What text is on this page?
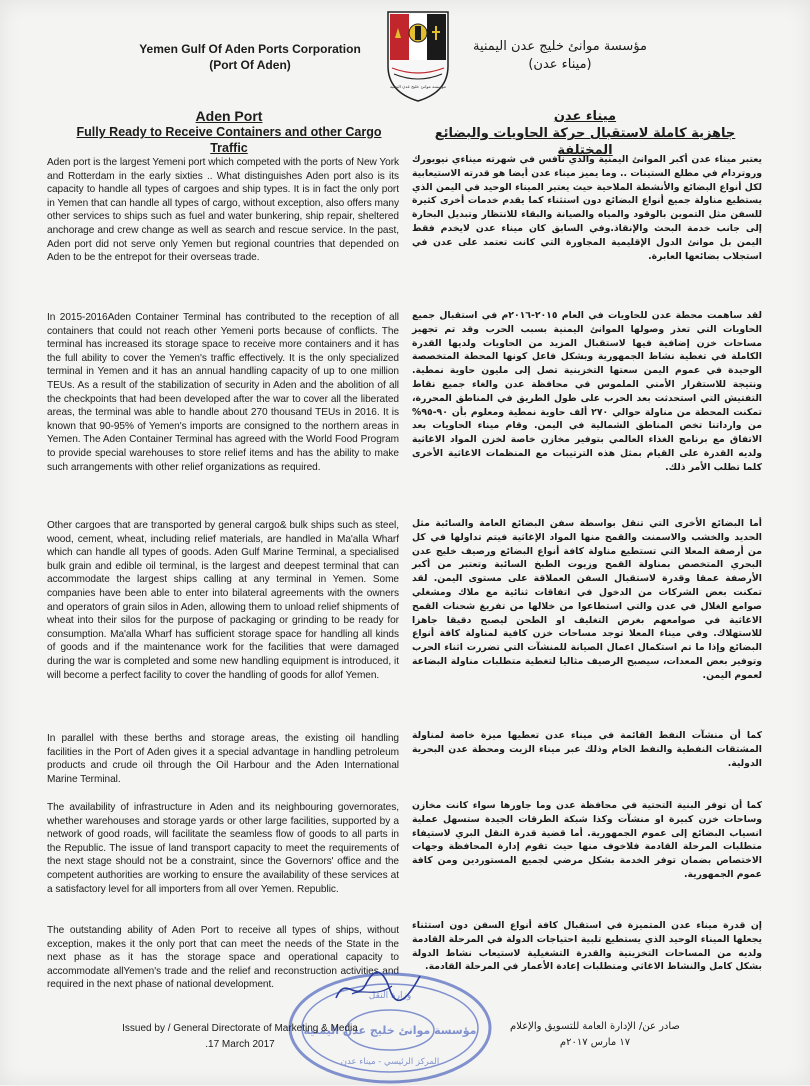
Yemen Gulf Of Aden Ports Corporation
(Port Of Aden)
مؤسسة موانئ خليج عدن اليمنية
مؤسسة موانئ خليج عدن اليمنية
(ميناء عدن)
Aden Port
Fully Ready to Receive Containers and other Cargo Traffic
ميناء عدن
جاهزية كاملة لاستقبال حركة الحاويات والبضائع المختلفة

Aden port is the largest Yemeni port which competed with the ports of New York and Rotterdam in the early sixties .. What distinguishes Aden port also is its capacity to handle all types of cargoes and ship types. It is in fact the only port in Yemen that can handle all types of cargo, without exception, also offers many other services to ships such as fuel and water bunkering, ship repair, sheltered anchorage and crew change as well as search and rescue service. In the past, Aden port did not serve only Yemen but regional countries that depended on Aden to be the entrepot for their overseas trade.

In 2015-2016Aden Container Terminal has contributed to the reception of all containers that could not reach other Yemeni ports because of conflicts. The terminal has increased its storage space to receive more containers and it has the full ability to cover the Yemen's traffic effectively. It is the only specialized terminal in Yemen and it has an annual handling capacity of up to one million TEUs. As a result of the stabilization of security in Aden and the abolition of all the checkpoints that had been developed after the war to cover all the liberated areas, the terminal was able to handle about 270 thousand TEUs in 2016. It is known that 90-95% of Yemen's imports are consigned to the northern areas in Yemen. The Aden Container Terminal has agreed with the World Food Program to provide special warehouses to store relief items and has the ability to make such arrangements with other relief organizations as required.

Other cargoes that are transported by general cargo& bulk ships such as steel, wood, cement, wheat, including relief materials, are handled in Ma'alla Wharf which can handle all types of goods. Aden Gulf Marine Terminal, a specialised bulk grain and edible oil terminal, is the largest and deepest terminal that can accommodate the largest ships calling at any terminal in Yemen. Some companies have been able to enter into bilateral agreements with the owners and operators of grain silos in Aden, allowing them to unload relief shipments of wheat into their silos for the purpose of packaging or grinding to be ready for consumption. Ma'alla Wharf has sufficient storage space for handling all kinds of goods and if the maintenance work for the facilities that were damaged during the war is completed and some new handling equipment is introduced, it will become a perfect facility to cover the handling of goods for allof Yemen.

In parallel with these berths and storage areas, the existing oil handling facilities in the Port of Aden gives it a special advantage in handling petroleum products and crude oil through the Oil Harbour and the Aden International Marine Terminal.

The availability of infrastructure in Aden and its neighbouring governorates, whether warehouses and storage yards or other large facilities, supported by a network of good roads, will facilitate the seamless flow of goods to all parts in the Republic. The issue of land transport capacity to meet the requirements of the next stage should not be a constraint, since the Governors' office and the competent authorities are working to ensure the availability of these services at a satisfactory level for all importers from all over Yemen. Republic.

The outstanding ability of Aden Port to receive all types of ships, without exception, makes it the only port that can meet the needs of the State in the next phase as it has the storage space and operational capacity to accommodate allYemen's trade and the relief and reconstruction activities and required in the next phase of national development.

يعتبر ميناء عدن أكبر الموانئ اليمنية والذي نافس في شهرته ميناءي نيويورك وروتردام في مطلع الستينات .. وما يميز ميناء عدن أيضا هو قدرته الاستيعابية لكل أنواع البضائع والأنشطة الملاحية حيث يعتبر الميناء الوحيد في اليمن الذي يستطيع مناولة جميع أنواع البضائع دون استثناء كما يقدم خدمات أخرى كثيرة للسفن مثل التموين بالوقود والمياه والصيانة والبقاء للانتظار وتبديل البحارة إلى جانب خدمة البحث والإنقاذ.وفي السابق كان ميناء عدن لايخدم فقط اليمن بل موانئ الدول الإقليمية المجاورة التي كانت تعتمد على عدن في استجلاب بضائعها العابرة.

لقد ساهمت محطة عدن للحاويات في العام ٢٠١٥-٢٠١٦م في استقبال جميع الحاويات التي تعذر وصولها الموانئ اليمنية بسبب الحرب وقد تم تجهيز مساحات خزن إضافية فيها لاستقبال المزيد من الحاويات ولديها القدرة الكاملة في تغطية نشاط الجمهورية وبشكل فاعل كونها المحطة المتخصصة الوحيدة في عموم اليمن سعتها التخزينية تصل إلى مليون حاوية نمطية. ونتيجة للاستقرار الأمني الملموس في محافظة عدن والغاء جميع نقاط التفتيش التي استحدثت بعد الحرب على طول الطريق في المناطق المحررة، تمكنت المحطة من مناولة حوالي ٢٧٠ ألف حاوية نمطية ومعلوم بأن ٩٠-٩٥% من وارداتنا تخص المناطق الشمالية في اليمن. وقام ميناء الحاويات بعد الاتفاق مع برنامج الغذاء العالمي بتوفير مخازن خاصة لخزن المواد الاغاثية ولديه القدرة على القيام بمثل هذه الترتيبات مع المنظمات الاغاثية الأخرى كلما تطلب الأمر ذلك.

أما البضائع الأخرى التي تنقل بواسطة سفن البضائع العامة والسائبة مثل الحديد والخشب والاسمنت والقمح منها المواد الإغاثية فيتم تداولها في كل من أرصفة المعلا التي تستطيع مناولة كافة أنواع البضائع ورصيف خليج عدن البحري المتخصص بمناولة القمح وزيوت الطبخ السائبة وتعتبر من أكبر الأرصفة عمقا وقدرة لاستقبال السفن العملاقة على مستوى اليمن. لقد تمكنت بعض الشركات من الدخول في اتفاقات ثنائية مع ملاك ومشغلي صوامع الغلال في عدن والتي استطاعوا من خلالها من تفريغ شحنات القمح الاغاثية في صوامعهم بغرض التغليف او الطحن ليصبح دقيقا جاهزا للاستهلاك. وفي ميناء المعلا توجد مساحات خزن كافية لمناولة كافة أنواع البضائع وإذا ما تم استكمال اعمال الصيانة للمنشآت التي تضررت اثناء الحرب وتوفير بعض المعدات، سيصبح الرصيف مثاليا لتغطية متطلبات مناولة البضاعة لعموم اليمن.

كما أن منشآت النفط القائمة في ميناء عدن تعطيها ميزة خاصة لمناولة المشتقات النفطية والنفط الخام وذلك عبر ميناء الزيت ومحطة عدن البحرية الدولية.

كما أن توفر البنية التحتية في محافظة عدن وما جاورها سواء كانت مخازن وساحات خزن كبيرة او منشآت وكذا شبكة الطرقات الجيدة ستسهل عملية انسياب البضائع إلى عموم الجمهورية. أما قضية قدرة النقل البري لاستيفاء متطلبات المرحلة القادمة فلاخوف منها حيث تقوم إدارة المحافظة وجهات الاختصاص بضمان توفر الخدمة بشكل مرضي لجميع المستوردين ومن كافة عموم الجمهورية.

إن قدرة ميناء عدن المتميزة في استقبال كافة أنواع السفن دون استثناء يجعلها الميناء الوحيد الذي يستطيع تلبية احتياجات الدولة في المرحلة القادمة ولديه من المساحات التخزينية والقدرة التشغيلية لاستيعاب نشاط الدولة بشكل كامل والنشاط الاغاثي ومتطلبات إعادة الأعمار في المرحلة القادمة.

وزارة النقل
مؤسسة موانئ خليج عدن اليمنية
المركز الرئيسي - ميناء عدن
Issued by / General Directorate of Marketing & Media
.17 March 2017
صادر عن/ الإدارة العامة للتسويق والإعلام
١٧ مارس ٢٠١٧م
